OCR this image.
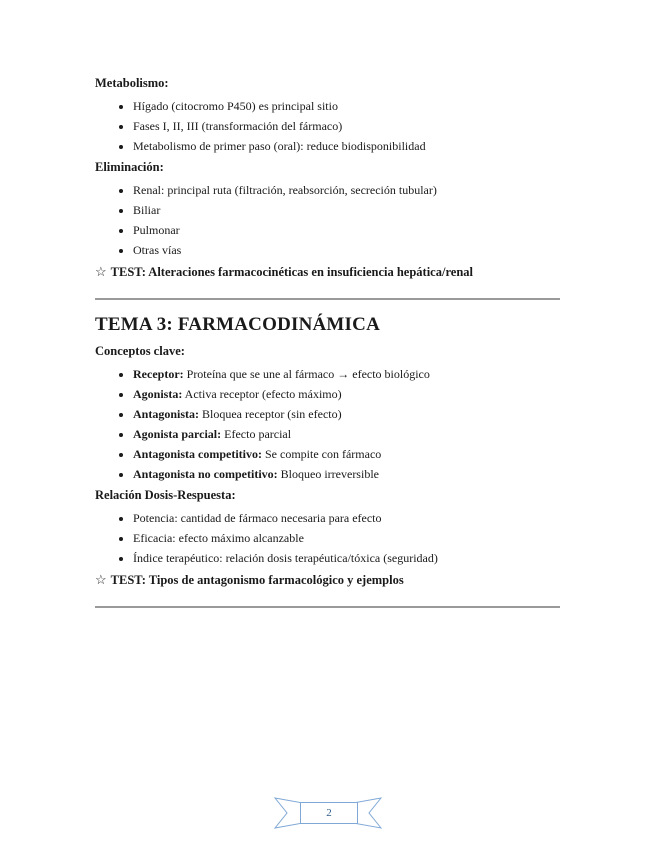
Metabolismo:

• Hígado (citocromo P450) es principal sitio
• Fases I, II, III (transformación del fármaco)
• Metabolismo de primer paso (oral): reduce biodisponibilidad

Eliminación:

• Renal: principal ruta (filtración, reabsorción, secreción tubular)
• Biliar
• Pulmonar
• Otras vías

☆ TEST: Alteraciones farmacocinéticas en insuficiencia hepática/renal

TEMA 3: FARMACODINÁMICA

Conceptos clave:

• Receptor: Proteína que se une al fármaco → efecto biológico
• Agonista: Activa receptor (efecto máximo)
• Antagonista: Bloquea receptor (sin efecto)
• Agonista parcial: Efecto parcial
• Antagonista competitivo: Se compite con fármaco
• Antagonista no competitivo: Bloqueo irreversible

Relación Dosis-Respuesta:

• Potencia: cantidad de fármaco necesaria para efecto
• Eficacia: efecto máximo alcanzable
• Índice terapéutico: relación dosis terapéutica/tóxica (seguridad)

☆ TEST: Tipos de antagonismo farmacológico y ejemplos

2
